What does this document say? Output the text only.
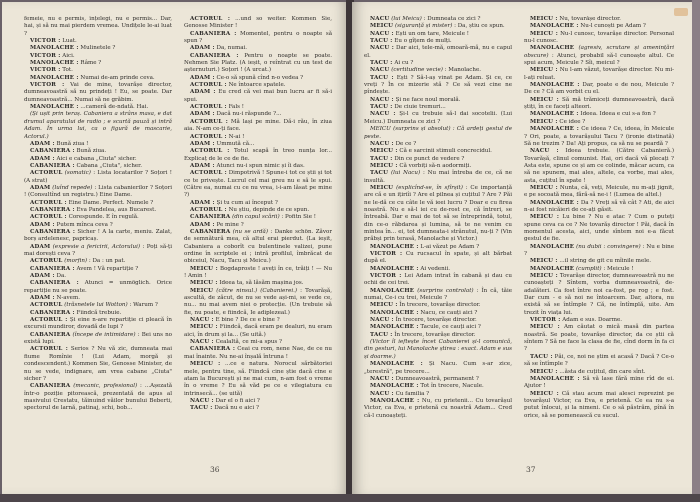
femeie, nu e permis, înțelegi, nu e permis... Dar, hai, și să nu mai pierdem vremea. Undițele le-ai luat ?

VICTOR : Luat.

MANOLACHE : Mulinetele ?

VICTOR : Aici.

MANOLACHE : Râme ?

VICTOR : Tot.

MANOLACHE : Numai de-am prinde ceva.

VICTOR : Vai de mine, tovarășe director, dumneavoastră să nu prindeți ! Eu, se poate. Dar dumneavoastră... Numai să ne grăbim.

MANOLACHE : ...cameră de-ndată. Hai.

(Și ușit prin teraș. Cabaniera a strâns masa, e dat drumul aparatului de radio ; e scurtă pauză și intră Adam. În urma lui, ca o figură de mascarie, Actorul.)

ADAM : Bună ziua !

CABANIERA : Bună ziua.

ADAM : Aici e cabana „Ciuta" sicher.

CABANIERA : Cabana „Ciuta", sicher.

ACTORUL (somatic) : Lista locatarilor ? Soțori ! (A strat)

ADAM (luînd repede) : Lista cabanierilor ? Soțori ! (Consultînd un registru.) Eine Dame.

ACTORUL : Eine Dame. Perfect. Numele ?

CABANIERA : Eva Pandelea, aus Bucarest.

ACTORUL : Corespunde. E în regulă.

ADAM : Putem mînca ceva ?

CABANIERA : Sicher ! A la carte, meniu. Zalat, borș ardelenesc, papricaș.

ADAM (expresie a fericirii, Actorului) : Poți să-ți mai dorești ceva ?

ACTORUL (morfin) : Da : un pat.

CABANIERA : Avem ! Vă repartiție ?

ADAM : Da.

CABANIERA : Atunci = unmöglich. Orice repartiție nu se poate.

ADAM : N-avem.

ACTORUL (trăsnetele lui Wotton) : Warum ?

CABANIERA : Fiindcă trebuie.

ACTORUL : Și eine n-are repartiție ci pleacă în excursii mundiror, dovadă de lupi ?

CABANIERA (începe de intimidare) : Bei uns no există lupi.

ACTORUL : Serios ? Nu vă zic, dumneata mai fiume Romînie ! (Lui Adam, morgă și condescendent.) Kommen Sie, Genosse Minister, de nu se vede, indignare, am vrea cabane „Ciuta" sicher ?

CABANIERA (mecanic, profesional) : ...Așezată într-o poziție pitorească, prezentată de apus al masivului Crestatu, tăinuind văilor bunului Beberti, spectorul de larnă, patinaj, schi, bob...

ACTORUL : ...und so weiter. Kommen Sie, Genosse Minister !

CABANIERA : Momentel, pentru o noapte să spun ?

ADAM : Da, numai.

CABANIERA : Pentru o noapte se poate. Nehmen Sie Platz. (A ieșit, o reîntrat cu un test de așternuturi.) Soțori ! (A urcat.)

ADAM : Ce-o să spună cînd n-o vedea ?

ACTORUL : Ne întoarce spatele.

ADAM : Eu cred că vei mai bun lucru ar fi să-i spui.

ACTORUL : Fals !

ADAM : Dacă nu-i răspunde ?...

ACTORUL : Mă lași pe mine. Dă-i rău, în ziua aia. N-am ce-ți face.

ACTORUL : N-ai !

ADAM : Ummută că...

ACTORUL : Totul scapă în treo nunța lor... Explicaț de le ce de fie.

ADAM : Atunci nu-i spun nimic și îi das.

ACTORUL : Dimpotrivă ! Spune-i tot ce știi și tot ce te privește. Lucrul cel mai greu nu e să le spui. (Către ea, numai cu ce nu vrea, i-i-am lăsat pe mine ?)

ADAM : Și tu cum ai început ?

ACTORUL : Nu știu, depinde de ce spun.

CABANIERA (din capul scării) : Pofitn Sie !

ADAM : Pe mine ?

CABANIERA (nu se ardă) : Danke schön. Zăvor de semnătură mea, că altul erai pierdut. (La ieșit, Cabaniera a coborît cu bulentinele valizei, pune ordine în scriptele ei ; intră profilul, îmbrăcat de obiceiul, Nacu, Tacu și Meicu.)

MEICU : Bogdaproste ! aveți în ce, trăiți ! — Nu ! Amin !

MEICU : Ideea ta, să lăsăm mașina jos.

MEICU (către ninsul.) (Cabanierei.) : Tovarășă, ascultă, de zăcut, de nu se vede ași-mi, se vede ce, nu... nu mai avem niei o protecție. (Un trebuie să fie, nu poate, e fiindcă, Ie adiplezeal.)

NACU : E bine ? De ce e bine ?

MEICU : Fiindcă, dacă eram pe dealuri, nu eram aici, în drum și la... (Se uită.)

NACU : Cealaltă, ce mi-a spus ?

CABANIERA : Ceai cu rom, nene Nae, de ce nu mai înainte. Nu ne-ai înșală întruna !

MEICU : ...ce e natura. Norocul sărbătoriei mele, pentru tine, să. Fiindcă cine știe dacă cine e atam la București și ne mai cum, n-am fost o vreme în o vreme ? Eu să văd pe ce e vilegiatura cu intrinsecă... (se uită)

NACU : Dar el o fi aici ?

TACU : Dacă nu e aici ?

36

NACU (lui Meicu) : Dumneata ce zici ?

MEICU (siguranță și mister) : Da, știu ce spun.

NACU : Ești un om tare, Meicule !

TACU : Eu o gîțem de mulți.

NACU : Dar aici, tele-mă, omoară-mă, nu e capul el.

TACU : Ai cu ?

NACU (certitudine vecie) : Manolache.

TACU : Ești ? Să-l-aș vinat pe Adam. Și ce, ce vreți ? În ce mizerie stă ? Ce să vezi cine ne pîndește.

NACU : Și ne face noul morală.

TACU : De ciuie tremuri...

NACU : Și-l cu trebuie să-l dai socotelii. (Lui Meicu.) Dumneata ce zici ?

MEICU (surprins și absolut) : Că ardeți gestul de peste.

NACU : De ce ?

MEICU : Că e sarcinii stimuli concrecidul.

TACU : Din ce punct de vedere ?

MEICU : Că vorbiți să-n aodormiți.

TACU (lui Nacu) : Nu mai întreba de ce, că ne insultă.

MEICU (explicînd-se, în sfîrșit) : Ce importanță are că e un ițiriîi ? Are el pilnea și cuțitul ? Are ? Păi ne le-dă ce cu câte le vă ieei lucru ? Doar e cu firea noastră. Nu e să-l iei cu de-rost ce, că întreri, se întreabă. Dar e mai de tot să se întreprindă, totul, din ce-o răbdarea și lumina, să te ne venim cu mintea în... ei, tot dumneata-i strănutul, nu-ți ? (Vin prăbși prin terasă, Manolache și Victor.)

MANOLACHE : L-ai văzut pe Adam ?

VICTOR : Cu rucsacul în spate, și alt bărbat după el.

MANOLACHE : Ai vedenii.

VICTOR : Lei Adam intrat în cabană și dau cu ochii de cei trei.

MANOLACHE (surprins controlat) : În că, tăie numai, Ce-i cu trei, Meicule ?

MEICU : În trecere, tovarășe director.

MANOLACHE : Nacu, ce cauți aici ?

NACU : În trecere, tovarășe director.

MANOLACHE : Tacule, ce cauți aici ?

TACU : În trecere, tovarășe director.

(Victor îl ieftește încet Cabanierei și-l comunică, din gesturi, lui Manolache știrea : exact. Adam e sus și doarme.)

MANOLACHE : Și Nacu. Cum s-ar zice, „terestră", pe trecere...

NACU : Dumneavoastră, permanent ?

MANOLACHE : Tot în trecere, Nacule.

NACU : Cu familia ?

MANOLACHE : Nu, cu prietenii... Cu tovarășul Victor, ca Eva, e prietenă cu noastră Adam... Cred că-l cunoașteți.

MEICU : Nu, tovarășe director.

MANOLACHE : Nu-l cunoști pe Adam ?

MEICU : Nu-l cunosc, tovarășe director. Personal nu-l cunosc.

MANOLACHE (agresiv, scrutare și amenințări obscure) : Atunci, probabil să-l cunoaște altul. Ce spui acum, Meicule ? Sîi, meicul ?

MEICU : Nu l-am văzut, tovarășe director. Nu mi-l-ați reluat.

MANOLACHE : Dar, poate e de nou, Meicule ? De ce ? Că am vorbit cu el.

MEICU : Să mă trămiceți dumneavoastră, dacă știți, în ce faceți alteori.

MANOLACHE : Ideea. Ideea e cui s-a fon ?

MEICU : Ce idee ?

MANOLACHE : Ce ideea ? Ce, ideea, în Meicule ? Ori, poate, a tovarășului Tacu ? (ironie distinată) Să ne trezim ? Da! Ați propus, ca să nu se peardă ?

NACU : Ideea trebuie. (Către Cabanieră.) Tovarășă, clinul comunist. Hai, ori dacă vă plecați ? Asta este, spune ce și am ce colinde, măcar acum, ca să ne spunem, mai ales, altele, ca vorbe, mai ales, asta, cuțitul în spate !

MEICU : Nunta, că, veți, Meicule, nu m-ați jignit, e pe socoată mea, fără-să ne-i ! (Lumea de altel.)

MANOLACHE : Da ? Vreți să vă cât ? Ati, de aici n-ai fost nicăieri de ce-ați găsit.

MEICU : Lu bine ? Nu e atac ? Cum o puteți spune ceva ca ce ? Ne tovarăș director ! Păi, dacă în momentul acesta, aici, unde sîntem noi e-a făcut gestul de fie.

MANOLACHE (nu dubii : convingere) : Nu e bine ?

MEICU : ...il string de git cu mîinile mele.

MANOLACHE (cumplit) : Meicule !

MEICU : Tovarășe director, dumneavoastră nu ne cunoașteți ? Sîntem, vorba dumneavoastră, de-adalăteri. Ca fost între noi ca-fost, pe rog ; e fost. Dar cum - e să noi ne întoarcem. Dar, altora, nu există să se întîmple ? Că, ne întîmplă, uite. Am trezit în viața lui.

VICTOR : Adam e sus. Doarme.

MEICU : Am căutat o mică masă din partea noastră. Se poate, tovarășe director, da ce știi că sîntem ? Să ne face la clasa de fie, cînd dorm în fa ci ?

TACU : Păi, ce, noi ne știm ei acasă ? Dacă ? Ce-o să se întîmple ?

MEICU : ...ăsta de cuțitul, din care sînt.

MANOLACHE : Să vă lase fără mine rîd de ei. Ajutor !

MEICU : Că stau acum mai alesci reprezint pe tovarășul Victor, ca Eva, e prietenă. Ce ea nu s-a putut înlocui, și la nimeni. Ce o să păstrăm, pînă în orice, să se pomenească cu sucul.

37
